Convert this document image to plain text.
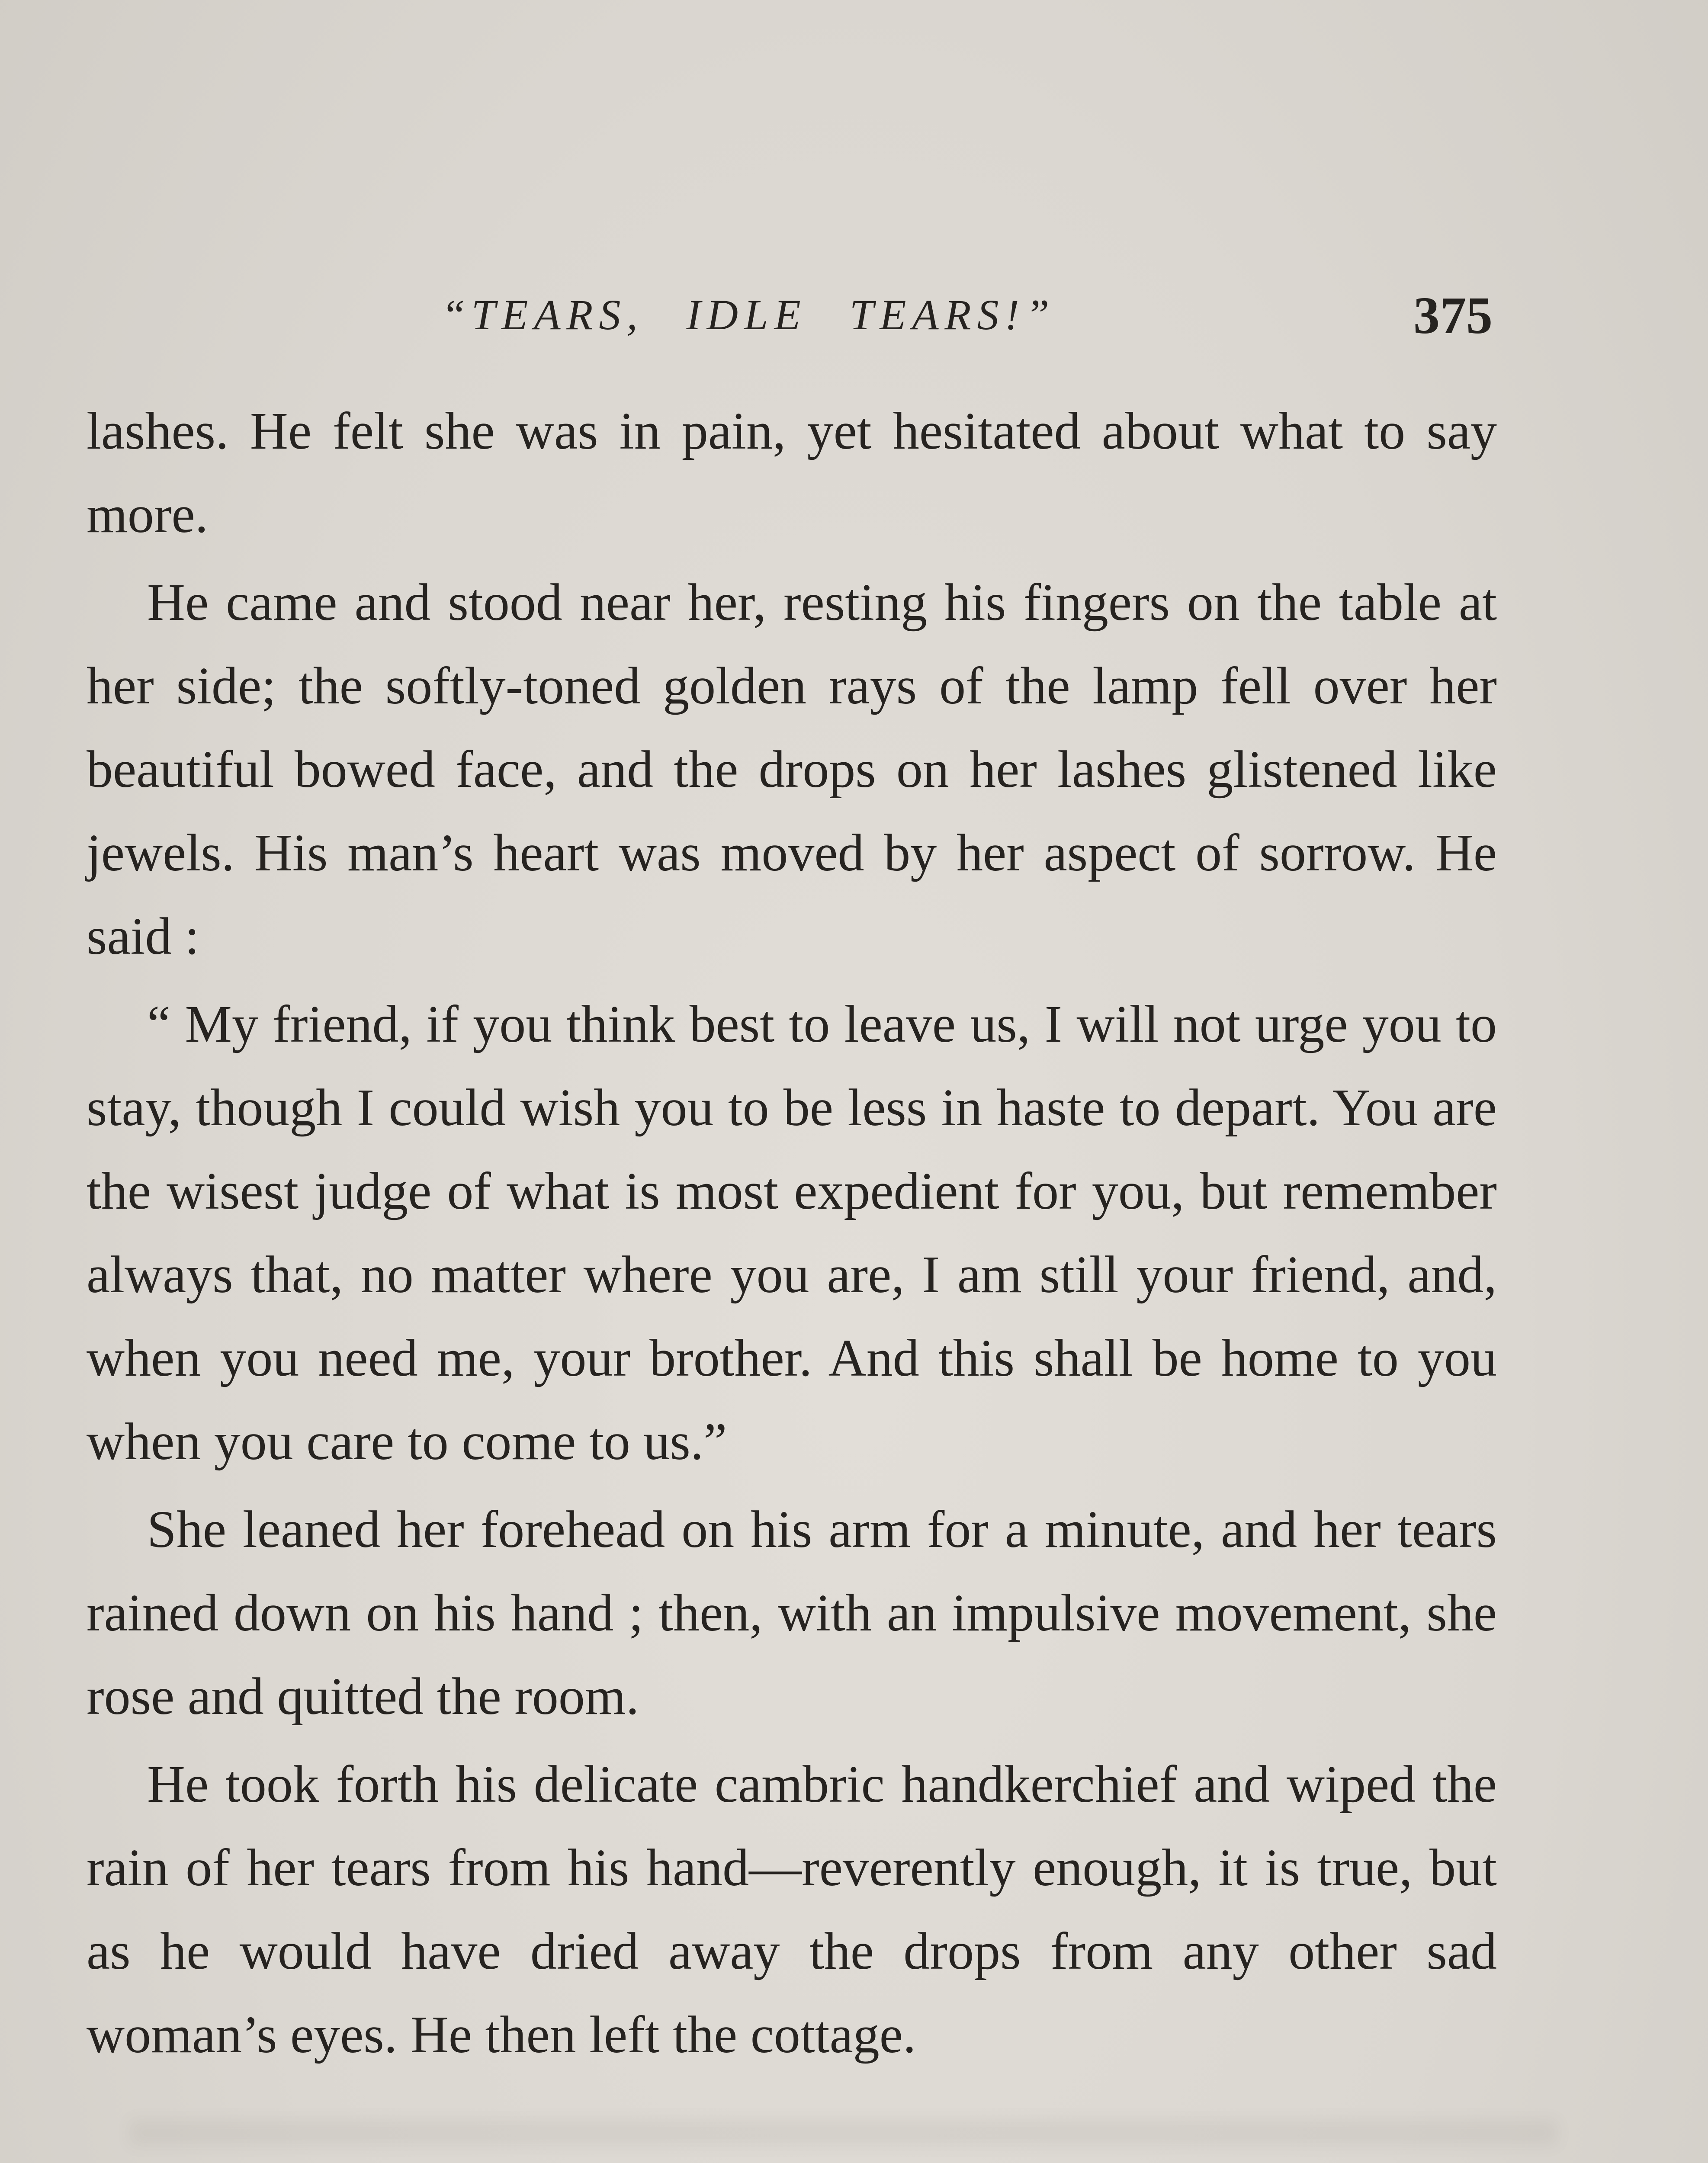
“TEARS, IDLE TEARS!”	375

lashes. He felt she was in pain, yet hesitated about what to say more.

He came and stood near her, resting his fingers on the table at her side; the softly-toned golden rays of the lamp fell over her beautiful bowed face, and the drops on her lashes glistened like jewels. His man’s heart was moved by her aspect of sorrow. He said :

“ My friend, if you think best to leave us, I will not urge you to stay, though I could wish you to be less in haste to depart. You are the wisest judge of what is most expedient for you, but remember always that, no matter where you are, I am still your friend, and, when you need me, your brother. And this shall be home to you when you care to come to us.”

She leaned her forehead on his arm for a minute, and her tears rained down on his hand ; then, with an impulsive movement, she rose and quitted the room.

He took forth his delicate cambric handkerchief and wiped the rain of her tears from his hand—reverently enough, it is true, but as he would have dried away the drops from any other sad woman’s eyes. He then left the cottage.
